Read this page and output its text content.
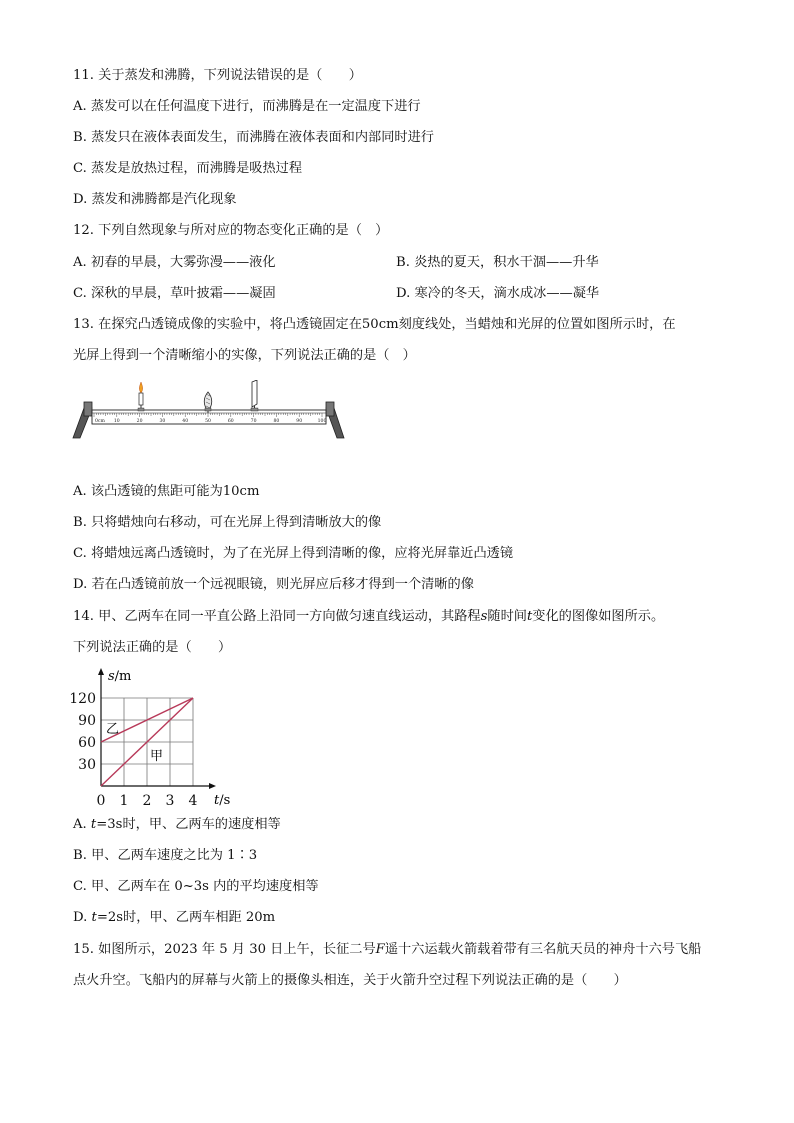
11. 关于蒸发和沸腾，下列说法错误的是（　　）
A. 蒸发可以在任何温度下进行，而沸腾是在一定温度下进行
B. 蒸发只在液体表面发生，而沸腾在液体表面和内部同时进行
C. 蒸发是放热过程，而沸腾是吸热过程
D. 蒸发和沸腾都是汽化现象
12. 下列自然现象与所对应的物态变化正确的是（　）
A. 初春的早晨，大雾弥漫——液化	B. 炎热的夏天，积水干涸——升华
C. 深秋的早晨，草叶披霜——凝固	D. 寒冷的冬天，滴水成冰——凝华
13. 在探究凸透镜成像的实验中，将凸透镜固定在50cm刻度线处，当蜡烛和光屏的位置如图所示时，在
光屏上得到一个清晰缩小的实像，下列说法正确的是（　）
0cm 10	20	30	40	50	60	70	80	90	100
A. 该凸透镜的焦距可能为10cm
B. 只将蜡烛向右移动，可在光屏上得到清晰放大的像
C. 将蜡烛远离凸透镜时，为了在光屏上得到清晰的像，应将光屏靠近凸透镜
D. 若在凸透镜前放一个远视眼镜，则光屏应后移才得到一个清晰的像
14. 甲、乙两车在同一平直公路上沿同一方向做匀速直线运动，其路程s随时间t变化的图像如图所示。
下列说法正确的是（　　）
0 1 2 3 4
30
60
90
120
s/m
t/s
乙
甲
A. t=3s时，甲、乙两车的速度相等
B. 甲、乙两车速度之比为 1∶3
C. 甲、乙两车在 0~3s 内的平均速度相等
D. t=2s时，甲、乙两车相距 20m
15. 如图所示，2023 年 5 月 30 日上午，长征二号F遥十六运载火箭载着带有三名航天员的神舟十六号飞船
点火升空。飞船内的屏幕与火箭上的摄像头相连，关于火箭升空过程下列说法正确的是（　　）
